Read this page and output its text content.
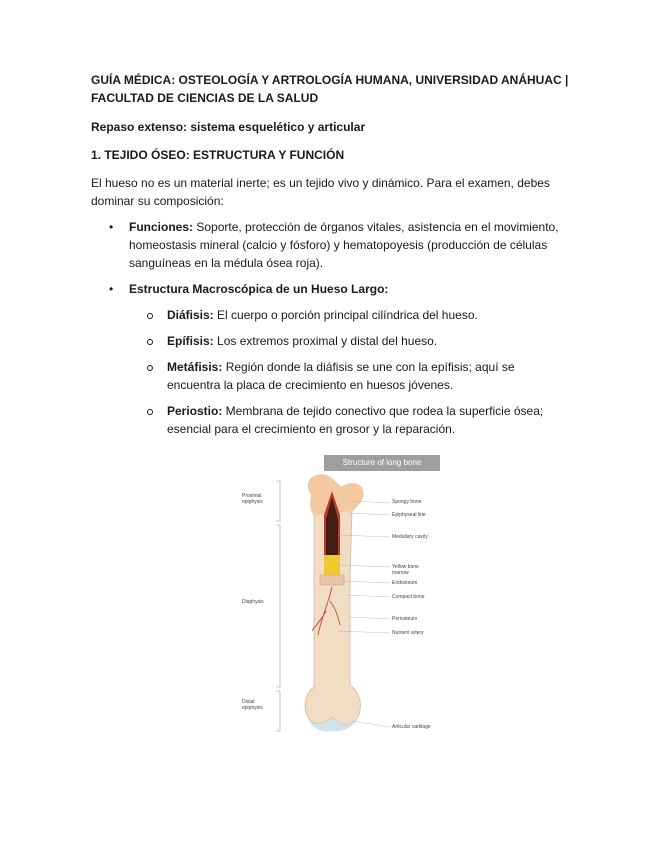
GUÍA MÉDICA: OSTEOLOGÍA Y ARTROLOGÍA HUMANA, UNIVERSIDAD ANÁHUAC | FACULTAD DE CIENCIAS DE LA SALUD

Repaso extenso: sistema esquelético y articular

1. TEJIDO ÓSEO: ESTRUCTURA Y FUNCIÓN

El hueso no es un material inerte; es un tejido vivo y dinámico. Para el examen, debes dominar su composición:

• Funciones: Soporte, protección de órganos vitales, asistencia en el movimiento, homeostasis mineral (calcio y fósforo) y hematopoyesis (producción de células sanguíneas en la médula ósea roja).
• Estructura Macroscópica de un Hueso Largo:
Diáfisis: El cuerpo o porción principal cilíndrica del hueso.
Epífisis: Los extremos proximal y distal del hueso.
Metáfisis: Región donde la diáfisis se une con la epífisis; aquí se encuentra la placa de crecimiento en huesos jóvenes.
Periostio: Membrana de tejido conectivo que rodea la superficie ósea; esencial para el crecimiento en grosor y la reparación.
Structure of long bone
Proximal epiphysis
Diaphysis
Distal epiphysis
Spongy bone
Epiphyseal line
Medullary cavity
Yellow bone marrow
Endosteum
Compact bone
Periosteum
Nutrient artery
Articular cartilage
